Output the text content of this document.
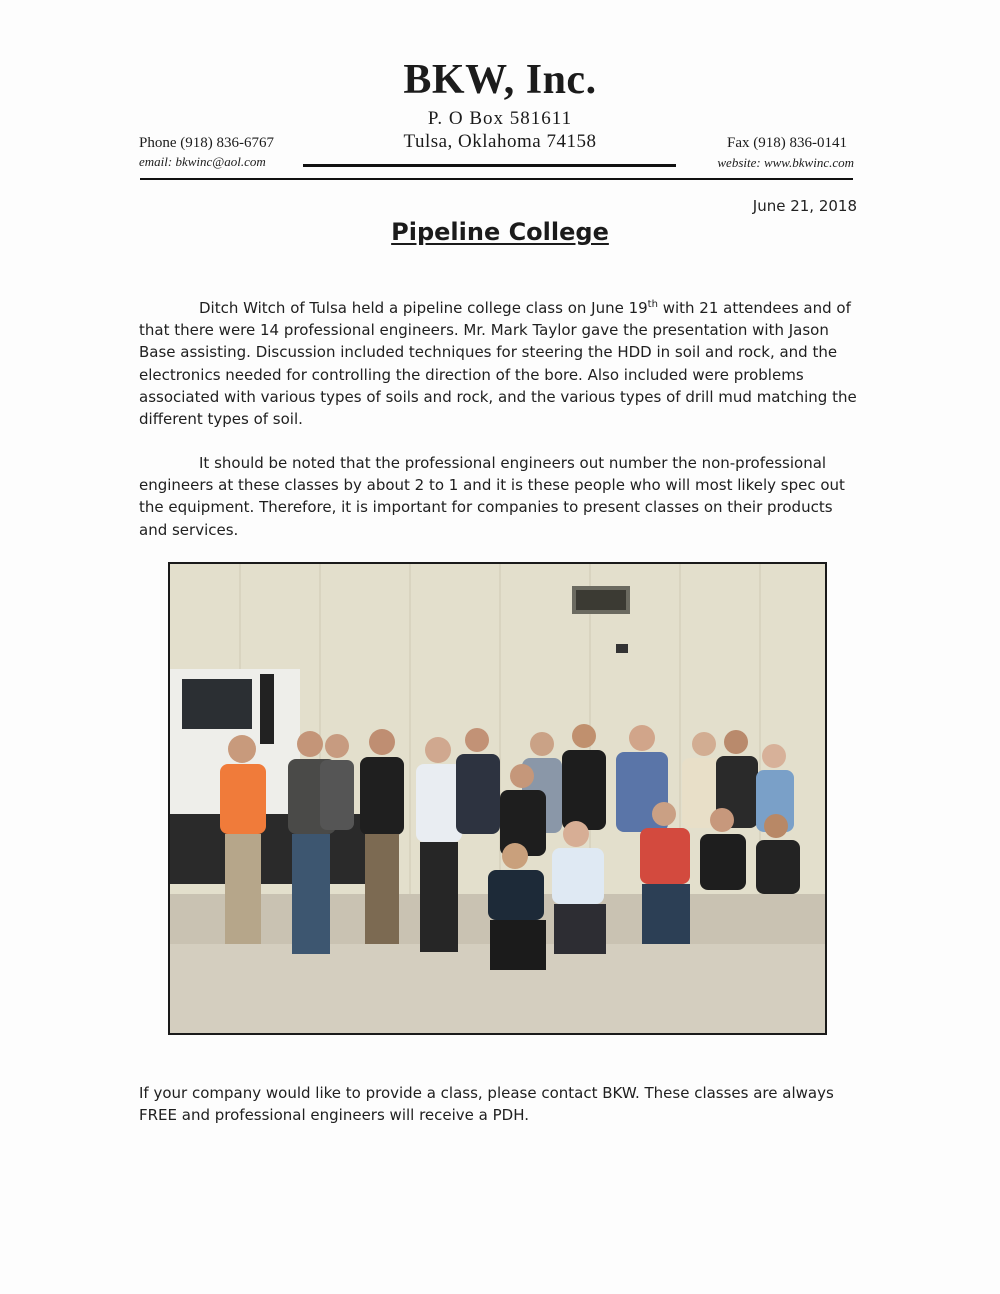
BKW, Inc.
P. O Box 581611
Tulsa, Oklahoma 74158
Phone (918) 836-6767
email: bkwinc@aol.com
Fax (918) 836-0141
website: www.bkwinc.com
June 21, 2018
Pipeline College

Ditch Witch of Tulsa held a pipeline college class on June 19th with 21 attendees and of that there were 14 professional engineers. Mr. Mark Taylor gave the presentation with Jason Base assisting. Discussion included techniques for steering the HDD in soil and rock, and the electronics needed for controlling the direction of the bore. Also included were problems associated with various types of soils and rock, and the various types of drill mud matching the different types of soil.

It should be noted that the professional engineers out number the non-professional engineers at these classes by about 2 to 1 and it is these people who will most likely spec out the equipment. Therefore, it is important for companies to present classes on their products and services.

If your company would like to provide a class, please contact BKW. These classes are always FREE and professional engineers will receive a PDH.
